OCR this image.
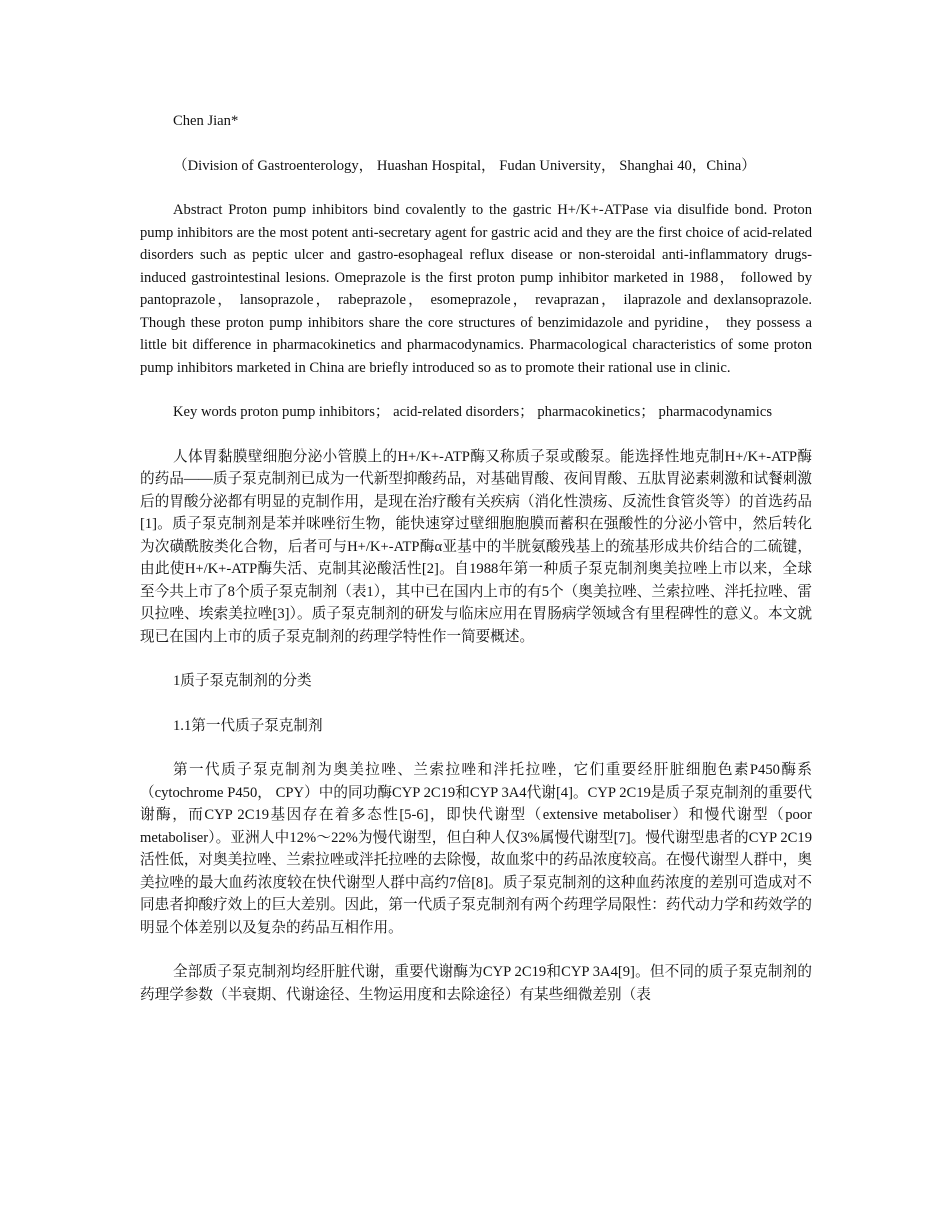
Chen Jian*

（Division of Gastroenterology， Huashan Hospital， Fudan University， Shanghai 40，China）

Abstract Proton pump inhibitors bind covalently to the gastric H+/K+-ATPase via disulfide bond. Proton pump inhibitors are the most potent anti-secretary agent for gastric acid and they are the first choice of acid-related disorders such as peptic ulcer and gastro-esophageal reflux disease or non-steroidal anti-inflammatory drugs-induced gastrointestinal lesions. Omeprazole is the first proton pump inhibitor marketed in 1988， followed by pantoprazole， lansoprazole， rabeprazole， esomeprazole， revaprazan， ilaprazole and dexlansoprazole. Though these proton pump inhibitors share the core structures of benzimidazole and pyridine， they possess a little bit difference in pharmacokinetics and pharmacodynamics. Pharmacological characteristics of some proton pump inhibitors marketed in China are briefly introduced so as to promote their rational use in clinic.

Key words proton pump inhibitors； acid-related disorders； pharmacokinetics； pharmacodynamics

人体胃黏膜壁细胞分泌小管膜上的H+/K+-ATP酶又称质子泵或酸泵。能选择性地克制H+/K+-ATP酶的药品——质子泵克制剂已成为一代新型抑酸药品，对基础胃酸、夜间胃酸、五肽胃泌素刺激和试餐刺激后的胃酸分泌都有明显的克制作用，是现在治疗酸有关疾病（消化性溃疡、反流性食管炎等）的首选药品[1]。质子泵克制剂是苯并咪唑衍生物，能快速穿过壁细胞胞膜而蓄积在强酸性的分泌小管中，然后转化为次磺酰胺类化合物，后者可与H+/K+-ATP酶α亚基中的半胱氨酸残基上的巯基形成共价结合的二硫键，由此使H+/K+-ATP酶失活、克制其泌酸活性[2]。自1988年第一种质子泵克制剂奥美拉唑上市以来，全球至今共上市了8个质子泵克制剂（表1），其中已在国内上市的有5个（奥美拉唑、兰索拉唑、泮托拉唑、雷贝拉唑、埃索美拉唑[3]）。质子泵克制剂的研发与临床应用在胃肠病学领域含有里程碑性的意义。本文就现已在国内上市的质子泵克制剂的药理学特性作一简要概述。

1质子泵克制剂的分类

1.1第一代质子泵克制剂

第一代质子泵克制剂为奥美拉唑、兰索拉唑和泮托拉唑，它们重要经肝脏细胞色素P450酶系（cytochrome P450， CPY）中的同功酶CYP 2C19和CYP 3A4代谢[4]。CYP 2C19是质子泵克制剂的重要代谢酶，而CYP 2C19基因存在着多态性[5-6]，即快代谢型（extensive metaboliser）和慢代谢型（poor metaboliser）。亚洲人中12%～22%为慢代谢型，但白种人仅3%属慢代谢型[7]。慢代谢型患者的CYP 2C19活性低，对奥美拉唑、兰索拉唑或泮托拉唑的去除慢，故血浆中的药品浓度较高。在慢代谢型人群中，奥美拉唑的最大血药浓度较在快代谢型人群中高约7倍[8]。质子泵克制剂的这种血药浓度的差别可造成对不同患者抑酸疗效上的巨大差别。因此，第一代质子泵克制剂有两个药理学局限性：药代动力学和药效学的明显个体差别以及复杂的药品互相作用。

全部质子泵克制剂均经肝脏代谢，重要代谢酶为CYP 2C19和CYP 3A4[9]。但不同的质子泵克制剂的药理学参数（半衰期、代谢途径、生物运用度和去除途径）有某些细微差别（表
